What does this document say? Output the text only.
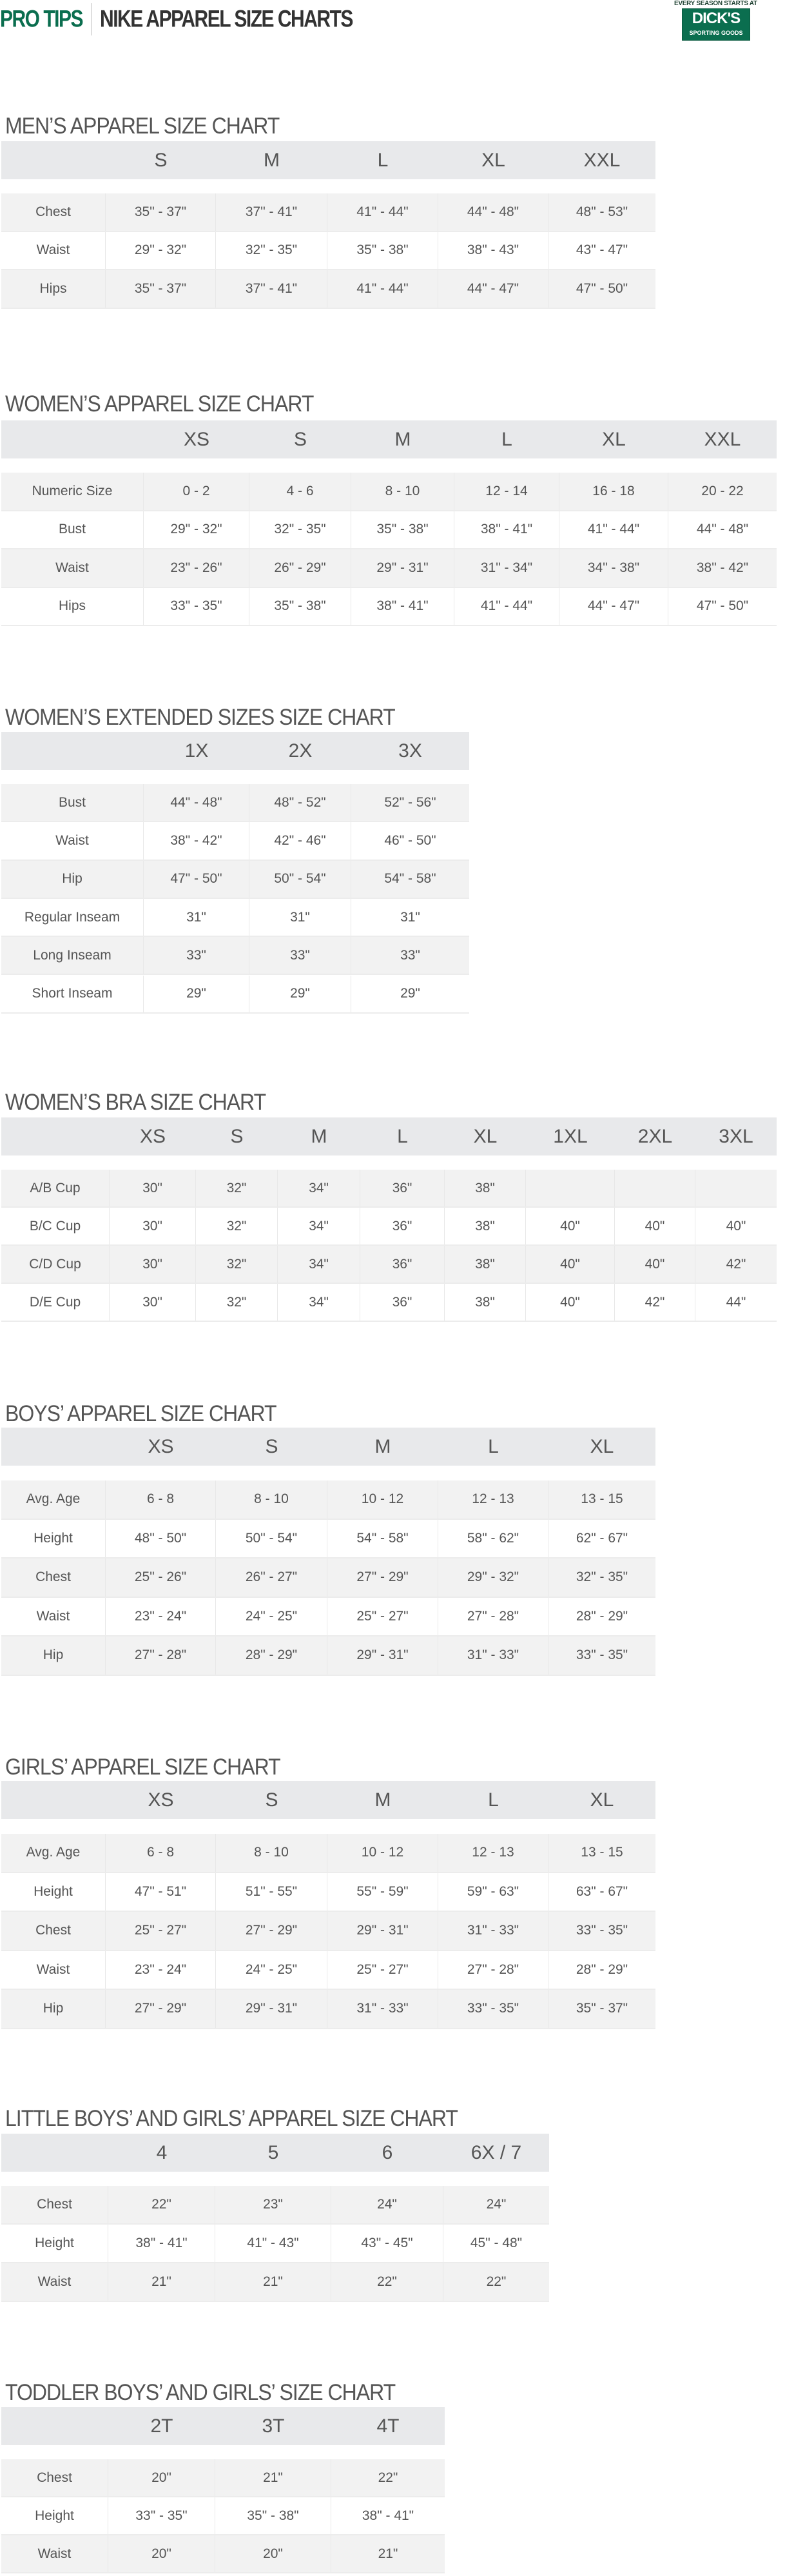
PRO TIPS NIKE APPAREL SIZE CHARTS
EVERY SEASON STARTS AT
DICK'S
SPORTING GOODS
MEN’S APPAREL SIZE CHART
S	M	L	XL	XXL
Chest	35" - 37"	37" - 41"	41" - 44"	44" - 48"	48" - 53"
Waist	29" - 32"	32" - 35"	35" - 38"	38" - 43"	43" - 47"
Hips	35" - 37"	37" - 41"	41" - 44"	44" - 47"	47" - 50"
WOMEN’S APPAREL SIZE CHART
XS	S	M	L	XL	XXL
Numeric Size	0 - 2	4 - 6	8 - 10	12 - 14	16 - 18	20 - 22
Bust	29" - 32"	32" - 35"	35" - 38"	38" - 41"	41" - 44"	44" - 48"
Waist	23" - 26"	26" - 29"	29" - 31"	31" - 34"	34" - 38"	38" - 42"
Hips	33" - 35"	35" - 38"	38" - 41"	41" - 44"	44" - 47"	47" - 50"
WOMEN’S EXTENDED SIZES SIZE CHART
1X	2X	3X
Bust	44" - 48"	48" - 52"	52" - 56"
Waist	38" - 42"	42" - 46"	46" - 50"
Hip	47" - 50"	50" - 54"	54" - 58"
Regular Inseam	31"	31"	31"
Long Inseam	33"	33"	33"
Short Inseam	29"	29"	29"
WOMEN’S BRA SIZE CHART
XS	S	M	L	XL	1XL	2XL	3XL
A/B Cup	30"	32"	34"	36"	38"
B/C Cup	30"	32"	34"	36"	38"	40"	40"	40"
C/D Cup	30"	32"	34"	36"	38"	40"	40"	42"
D/E Cup	30"	32"	34"	36"	38"	40"	42"	44"
BOYS’ APPAREL SIZE CHART
XS	S	M	L	XL
Avg. Age	6 - 8	8 - 10	10 - 12	12 - 13	13 - 15
Height	48" - 50"	50" - 54"	54" - 58"	58" - 62"	62" - 67"
Chest	25" - 26"	26" - 27"	27" - 29"	29" - 32"	32" - 35"
Waist	23" - 24"	24" - 25"	25" - 27"	27" - 28"	28" - 29"
Hip	27" - 28"	28" - 29"	29" - 31"	31" - 33"	33" - 35"
GIRLS’ APPAREL SIZE CHART
XS	S	M	L	XL
Avg. Age	6 - 8	8 - 10	10 - 12	12 - 13	13 - 15
Height	47" - 51"	51" - 55"	55" - 59"	59" - 63"	63" - 67"
Chest	25" - 27"	27" - 29"	29" - 31"	31" - 33"	33" - 35"
Waist	23" - 24"	24" - 25"	25" - 27"	27" - 28"	28" - 29"
Hip	27" - 29"	29" - 31"	31" - 33"	33" - 35"	35" - 37"
LITTLE BOYS’ AND GIRLS’ APPAREL SIZE CHART
4	5	6	6X / 7
Chest	22"	23"	24"	24"
Height	38" - 41"	41" - 43"	43" - 45"	45" - 48"
Waist	21"	21"	22"	22"
TODDLER BOYS’ AND GIRLS’ SIZE CHART
2T	3T	4T
Chest	20"	21"	22"
Height	33" - 35"	35" - 38"	38" - 41"
Waist	20"	20"	21"
